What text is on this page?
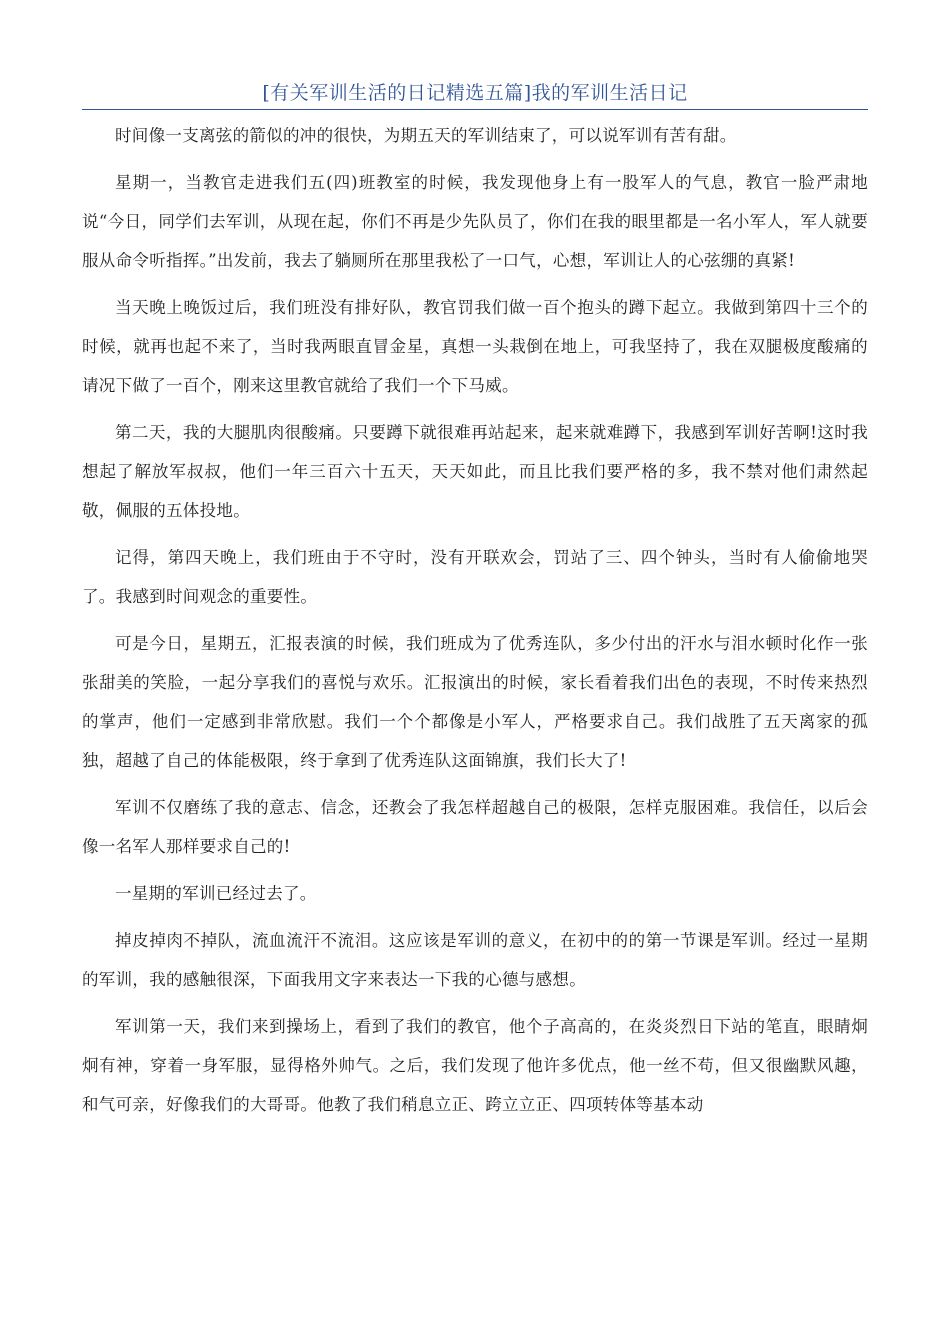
[有关军训生活的日记精选五篇]我的军训生活日记

时间像一支离弦的箭似的冲的很快，为期五天的军训结束了，可以说军训有苦有甜。

星期一，当教官走进我们五(四)班教室的时候，我发现他身上有一股军人的气息，教官一脸严肃地说“今日，同学们去军训，从现在起，你们不再是少先队员了，你们在我的眼里都是一名小军人，军人就要服从命令听指挥。”出发前，我去了躺厕所在那里我松了一口气，心想，军训让人的心弦绷的真紧!

当天晚上晚饭过后，我们班没有排好队，教官罚我们做一百个抱头的蹲下起立。我做到第四十三个的时候，就再也起不来了，当时我两眼直冒金星，真想一头栽倒在地上，可我坚持了，我在双腿极度酸痛的请况下做了一百个，刚来这里教官就给了我们一个下马威。

第二天，我的大腿肌肉很酸痛。只要蹲下就很难再站起来，起来就难蹲下，我感到军训好苦啊!这时我想起了解放军叔叔，他们一年三百六十五天，天天如此，而且比我们要严格的多，我不禁对他们肃然起敬，佩服的五体投地。

记得，第四天晚上，我们班由于不守时，没有开联欢会，罚站了三、四个钟头，当时有人偷偷地哭了。我感到时间观念的重要性。

可是今日，星期五，汇报表演的时候，我们班成为了优秀连队，多少付出的汗水与泪水顿时化作一张张甜美的笑脸，一起分享我们的喜悦与欢乐。汇报演出的时候，家长看着我们出色的表现，不时传来热烈的掌声，他们一定感到非常欣慰。我们一个个都像是小军人，严格要求自己。我们战胜了五天离家的孤独，超越了自己的体能极限，终于拿到了优秀连队这面锦旗，我们长大了!

军训不仅磨练了我的意志、信念，还教会了我怎样超越自己的极限，怎样克服困难。我信任，以后会像一名军人那样要求自己的!

一星期的军训已经过去了。

掉皮掉肉不掉队，流血流汗不流泪。这应该是军训的意义，在初中的的第一节课是军训。经过一星期的军训，我的感触很深，下面我用文字来表达一下我的心德与感想。

军训第一天，我们来到操场上，看到了我们的教官，他个子高高的，在炎炎烈日下站的笔直，眼睛炯炯有神，穿着一身军服，显得格外帅气。之后，我们发现了他许多优点，他一丝不苟，但又很幽默风趣，和气可亲，好像我们的大哥哥。他教了我们稍息立正、跨立立正、四项转体等基本动
